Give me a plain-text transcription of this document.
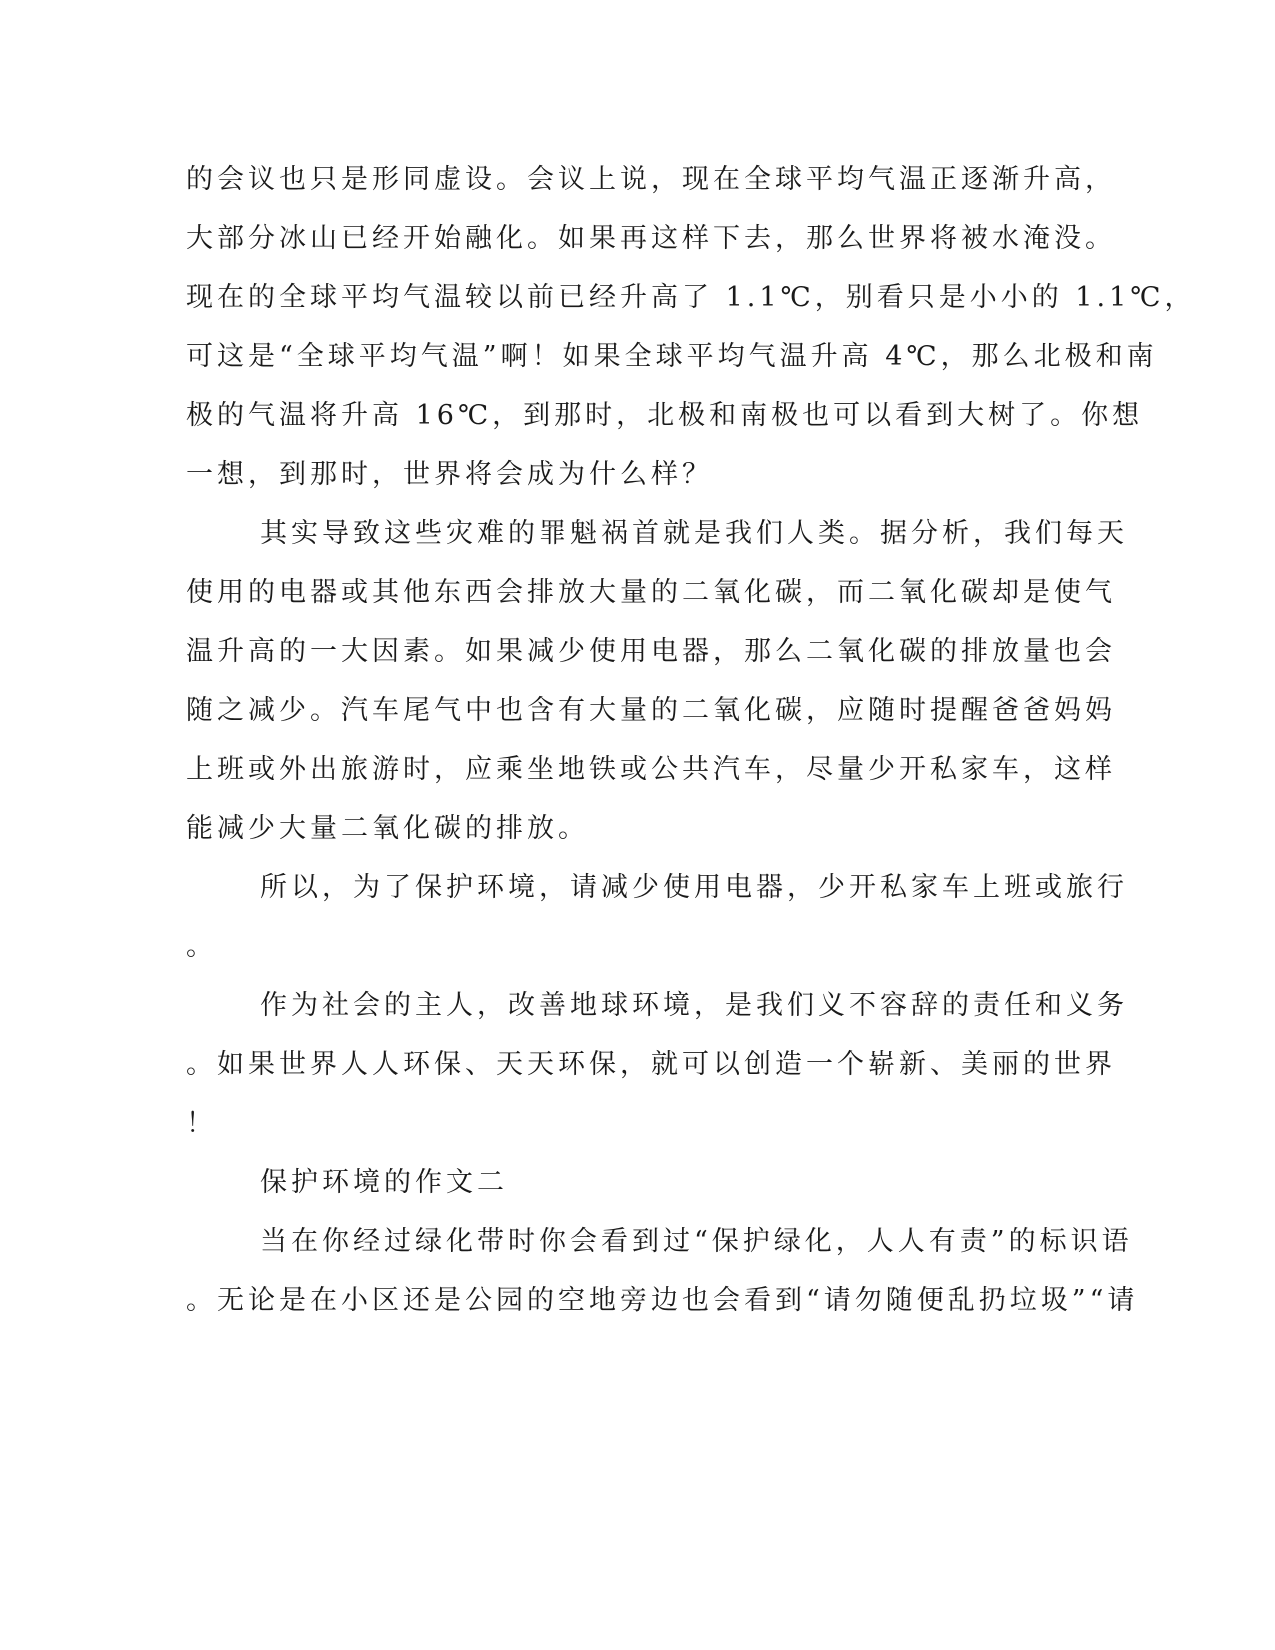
的会议也只是形同虚设。会议上说，现在全球平均气温正逐渐升高，
大部分冰山已经开始融化。如果再这样下去，那么世界将被水淹没。
现在的全球平均气温较以前已经升高了 1.1℃，别看只是小小的 1.1℃，
可这是“全球平均气温”啊！如果全球平均气温升高 4℃，那么北极和南
极的气温将升高 16℃，到那时，北极和南极也可以看到大树了。你想
一想，到那时，世界将会成为什么样？
其实导致这些灾难的罪魁祸首就是我们人类。据分析，我们每天
使用的电器或其他东西会排放大量的二氧化碳，而二氧化碳却是使气
温升高的一大因素。如果减少使用电器，那么二氧化碳的排放量也会
随之减少。汽车尾气中也含有大量的二氧化碳，应随时提醒爸爸妈妈
上班或外出旅游时，应乘坐地铁或公共汽车，尽量少开私家车，这样
能减少大量二氧化碳的排放。
所以，为了保护环境，请减少使用电器，少开私家车上班或旅行
。
作为社会的主人，改善地球环境，是我们义不容辞的责任和义务
。如果世界人人环保、天天环保，就可以创造一个崭新、美丽的世界
！
保护环境的作文二
当在你经过绿化带时你会看到过“保护绿化，人人有责”的标识语
。无论是在小区还是公园的空地旁边也会看到“请勿随便乱扔垃圾”“请
